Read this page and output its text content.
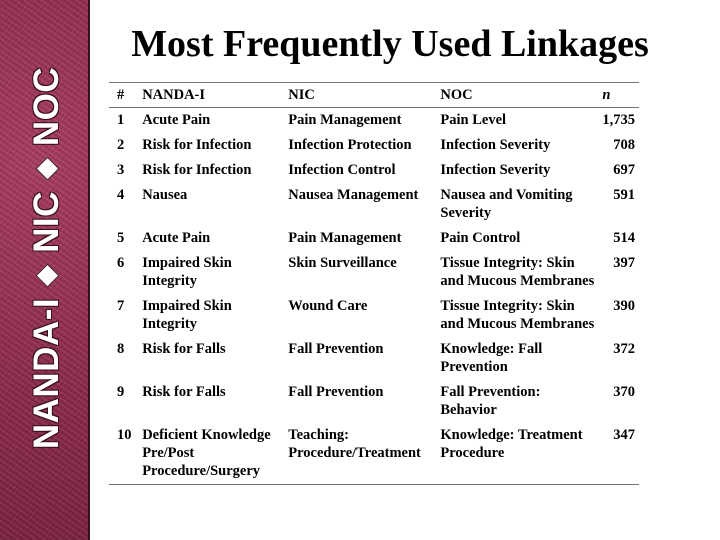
NANDA-I
NIC
NOC
Most Frequently Used Linkages
#	NANDA-I	NIC	NOC	n
1	Acute Pain	Pain Management	Pain Level	1,735
2	Risk for Infection	Infection Protection	Infection Severity	708
3	Risk for Infection	Infection Control	Infection Severity	697
4	Nausea	Nausea Management	Nausea and Vomiting Severity	591
5	Acute Pain	Pain Management	Pain Control	514
6	Impaired Skin Integrity	Skin Surveillance	Tissue Integrity: Skin and Mucous Membranes	397
7	Impaired Skin Integrity	Wound Care	Tissue Integrity: Skin and Mucous Membranes	390
8	Risk for Falls	Fall Prevention	Knowledge: Fall Prevention	372
9	Risk for Falls	Fall Prevention	Fall Prevention: Behavior	370
10	Deficient Knowledge Pre/Post Procedure/Surgery	Teaching: Procedure/Treatment	Knowledge: Treatment Procedure	347
